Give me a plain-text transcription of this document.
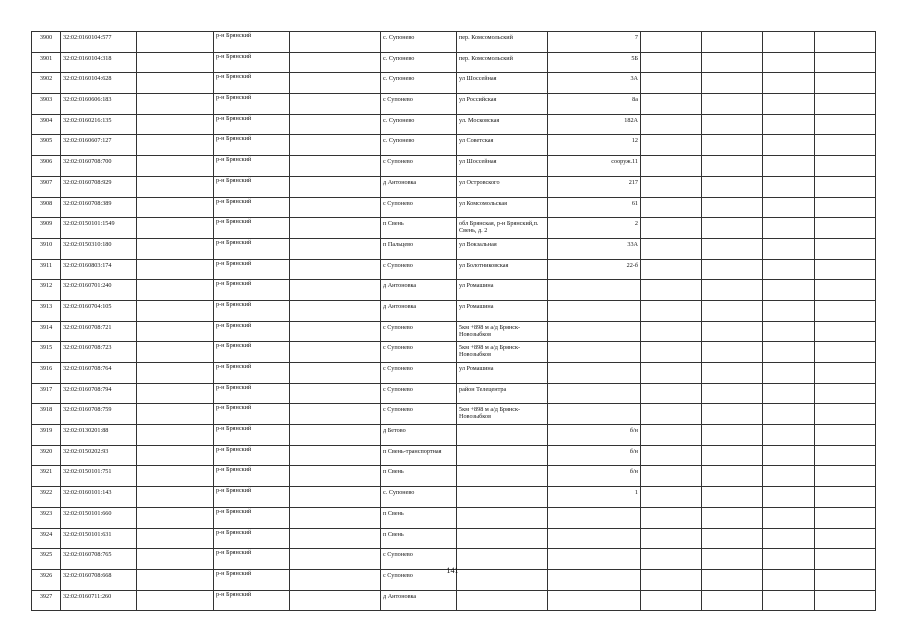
3900	32:02:0160104:577		р-н Брянский		с. Супонево	пер. Комсомольский	7				
3901	32:02:0160104:318		р-н Брянский		с. Супонево	пер. Комсомольский	5Б				
3902	32:02:0160104:628		р-н Брянский		с. Супонево	ул Шоссейная	3А				
3903	32:02:0160606:183		р-н Брянский		с Супонево	ул Российская	8а				
3904	32:02:0160216:135		р-н Брянский		с. Супонево	ул. Московская	182А				
3905	32:02:0160607:127		р-н Брянский		с. Супонево	ул Советская	12				
3906	32:02:0160708:700		р-н Брянский		с Супонево	ул Шоссейная	сооруж.11				
3907	32:02:0160708:929		р-н Брянский		д Антоновка	ул Островского	217				
3908	32:02:0160708:389		р-н Брянский		с Супонево	ул Комсомольская	61				
3909	32:02:0150101:1549		р-н Брянский		п Свень	обл Брянская, р-н Брянский,п. Свень, д. 2	2				
3910	32:02:0150310:180		р-н Брянский		п Пальцево	ул Вокзальная	33А				
3911	32:02:0160803:174		р-н Брянский		с Супонево	ул Болотниковская	22-б				
3912	32:02:0160701:240		р-н Брянский		д Антоновка	ул Ромашина					
3913	32:02:0160704:105		р-н Брянский		д Антоновка	ул Ромашина					
3914	32:02:0160708:721		р-н Брянский		с Супонево	5км +898 м а/д Брянск-Новозыбков					
3915	32:02:0160708:723		р-н Брянский		с Супонево	5км +898 м а/д Брянск-Новозыбков					
3916	32:02:0160708:764		р-н Брянский		с Супонево	ул Ромашина					
3917	32:02:0160708:794		р-н Брянский		с Супонево	район Телецентра					
3918	32:02:0160708:759		р-н Брянский		с Супонево	5км +898 м а/д Брянск-Новозыбков					
3919	32:02:0130201:88		р-н Брянский		д Бетово		б/н				
3920	32:02:0150202:93		р-н Брянский		п Свень-транспортная		б/н				
3921	32:02:0150101:751		р-н Брянский		п Свень		б/н				
3922	32:02:0160101:143		р-н Брянский		с. Супонево		1				
3923	32:02:0150101:660		р-н Брянский		п Свень						
3924	32:02:0150101:631		р-н Брянский		п Свень						
3925	32:02:0160708:765		р-н Брянский		с Супонево						
3926	32:02:0160708:668		р-н Брянский		с Супонево						
3927	32:02:0160711:260		р-н Брянский		д Антоновка						
141
